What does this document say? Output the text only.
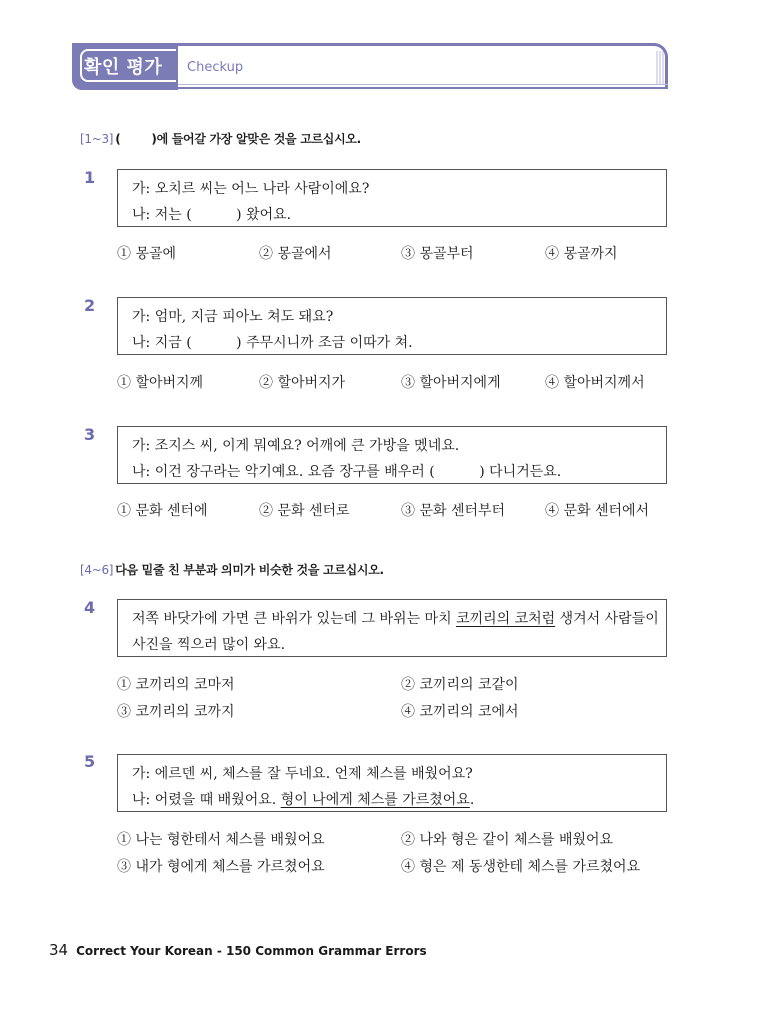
확인 평가 Checkup
[1~3] (        )에 들어갈 가장 알맞은 것을 고르십시오.
1
가: 오치르 씨는 어느 나라 사람이에요?
나: 저는 (          ) 왔어요.
① 몽골에	② 몽골에서	③ 몽골부터	④ 몽골까지
2
가: 엄마, 지금 피아노 쳐도 돼요?
나: 지금 (          ) 주무시니까 조금 이따가 쳐.
① 할아버지께	② 할아버지가	③ 할아버지에게	④ 할아버지께서
3
가: 조지스 씨, 이게 뭐예요? 어깨에 큰 가방을 멨네요.
나: 이건 장구라는 악기예요. 요즘 장구를 배우러 (          ) 다니거든요.
① 문화 센터에	② 문화 센터로	③ 문화 센터부터	④ 문화 센터에서
[4~6] 다음 밑줄 친 부분과 의미가 비슷한 것을 고르십시오.
4
저쪽 바닷가에 가면 큰 바위가 있는데 그 바위는 마치 코끼리의 코처럼 생겨서 사람들이
사진을 찍으러 많이 와요.
① 코끼리의 코마저	② 코끼리의 코같이
③ 코끼리의 코까지	④ 코끼리의 코에서
5
가: 에르덴 씨, 체스를 잘 두네요. 언제 체스를 배웠어요?
나: 어렸을 때 배웠어요. 형이 나에게 체스를 가르쳤어요.
① 나는 형한테서 체스를 배웠어요	② 나와 형은 같이 체스를 배웠어요
③ 내가 형에게 체스를 가르쳤어요	④ 형은 제 동생한테 체스를 가르쳤어요
34 Correct Your Korean - 150 Common Grammar Errors
